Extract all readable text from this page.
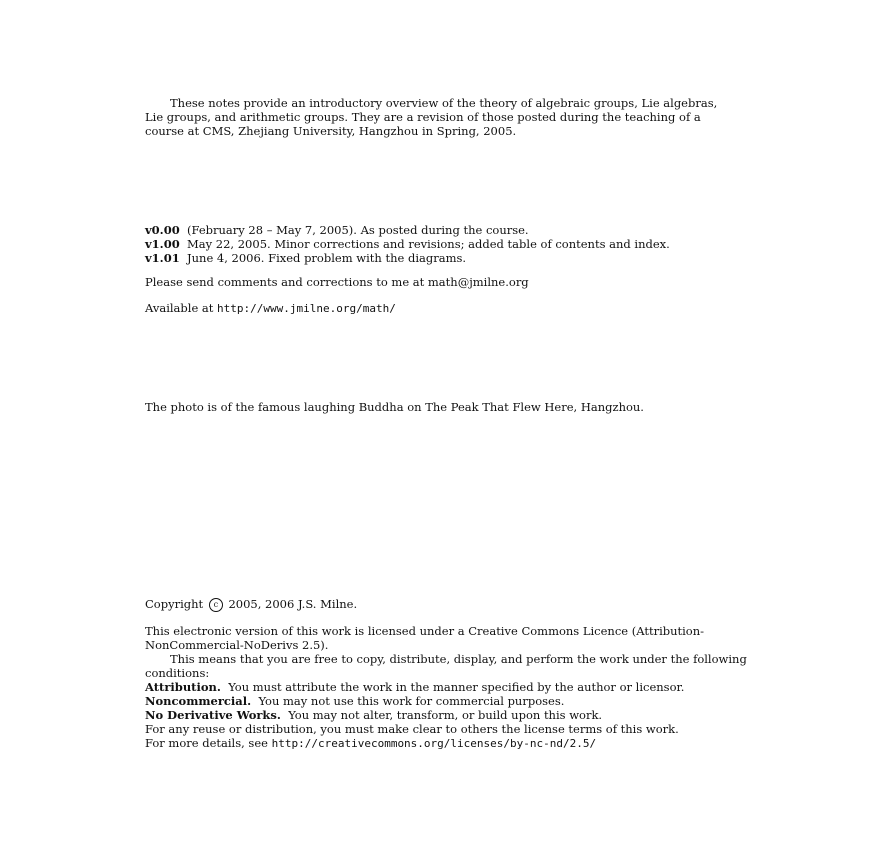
These notes provide an introductory overview of the theory of algebraic groups, Lie algebras, Lie groups, and arithmetic groups. They are a revision of those posted during the teaching of a course at CMS, Zhejiang University, Hangzhou in Spring, 2005.

v0.00 (February 28 – May 7, 2005). As posted during the course.
v1.00 May 22, 2005. Minor corrections and revisions; added table of contents and index.
v1.01 June 4, 2006. Fixed problem with the diagrams.

Please send comments and corrections to me at math@jmilne.org

Available at http://www.jmilne.org/math/

The photo is of the famous laughing Buddha on The Peak That Flew Here, Hangzhou.

Copyright c 2005, 2006 J.S. Milne.

This electronic version of this work is licensed under a Creative Commons Licence (Attribution-NonCommercial-NoDerivs 2.5).

This means that you are free to copy, distribute, display, and perform the work under the following conditions:

Attribution. You must attribute the work in the manner specified by the author or licensor.

Noncommercial. You may not use this work for commercial purposes.

No Derivative Works. You may not alter, transform, or build upon this work.

For any reuse or distribution, you must make clear to others the license terms of this work.

For more details, see http://creativecommons.org/licenses/by-nc-nd/2.5/
